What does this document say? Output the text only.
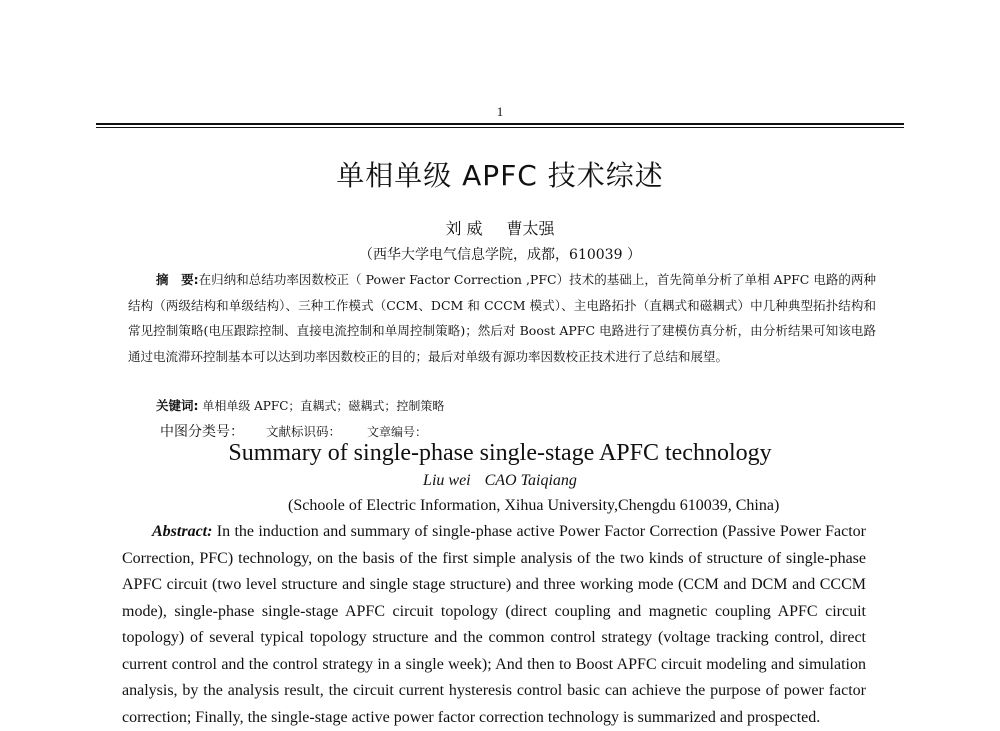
1
单相单级 APFC 技术综述
刘 威 曹太强
（西华大学电气信息学院，成都，610039 ）
摘　要:在归纳和总结功率因数校正（ Power Factor Correction ,PFC）技术的基础上，首先简单分析了单相 APFC 电路的两种结构（两级结构和单级结构）、三种工作模式（CCM、DCM 和 CCCM 模式）、主电路拓扑（直耦式和磁耦式）中几种典型拓扑结构和常见控制策略(电压跟踪控制、直接电流控制和单周控制策略)；然后对 Boost APFC 电路进行了建模仿真分析，由分析结果可知该电路通过电流滞环控制基本可以达到功率因数校正的目的；最后对单级有源功率因数校正技术进行了总结和展望。
关键词: 单相单级 APFC；直耦式；磁耦式；控制策略
中图分类号： 文献标识码： 文章编号：
Summary of single-phase single-stage APFC technology
Liu wei CAO Taiqiang
(Schoole of Electric Information, Xihua University,Chengdu 610039, China)
Abstract: In the induction and summary of single-phase active Power Factor Correction (Passive Power Factor Correction, PFC) technology, on the basis of the first simple analysis of the two kinds of structure of single-phase APFC circuit (two level structure and single stage structure) and three working mode (CCM and DCM and CCCM mode), single-phase single-stage APFC circuit topology (direct coupling and magnetic coupling APFC circuit topology) of several typical topology structure and the common control strategy (voltage tracking control, direct current control and the control strategy in a single week); And then to Boost APFC circuit modeling and simulation analysis, by the analysis result, the circuit current hysteresis control basic can achieve the purpose of power factor correction; Finally, the single-stage active power factor correction technology is summarized and prospected.
